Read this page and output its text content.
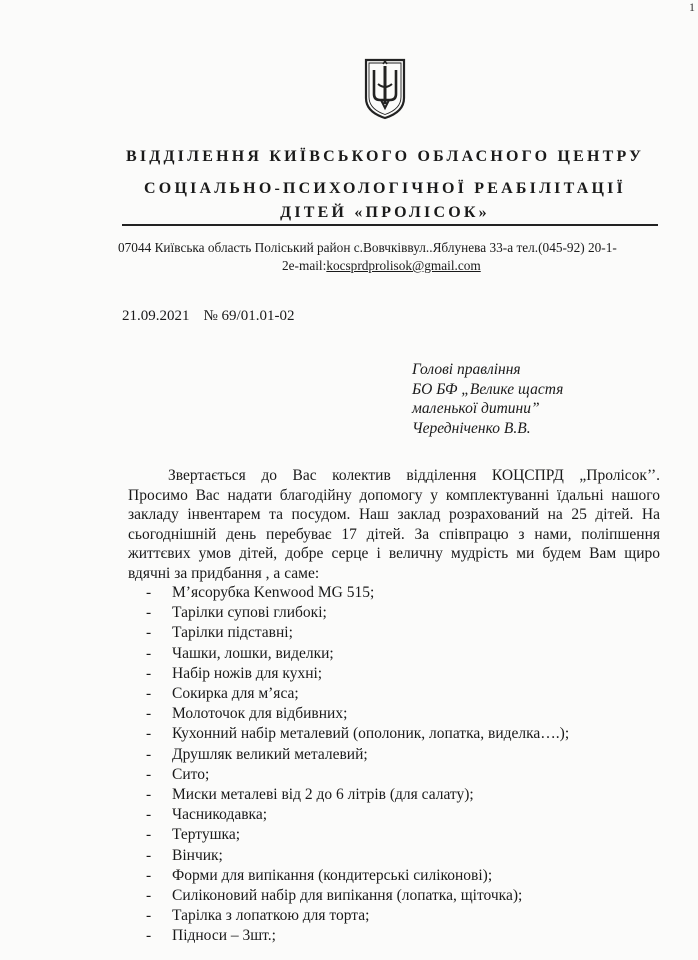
1
ВІДДІЛЕННЯ КИЇВСЬКОГО ОБЛАСНОГО ЦЕНТРУ
СОЦІАЛЬНО-ПСИХОЛОГІЧНОЇ РЕАБІЛІТАЦІЇ
ДІТЕЙ «ПРОЛІСОК»
07044 Київська область Поліський район с.Вовчківвул..Яблунева 33-а тел.(045-92) 20-1-
2e-mail:kocsprdprolisok@gmail.com
21.09.2021 № 69/01.01-02
Голові правління
БО БФ „Велике щастя
маленької дитини”
Чередніченко В.В.
Звертається до Вас колектив відділення КОЦСПРД „Пролісок’’.
Просимо Вас надати благодійну допомогу у комплектуванні їдальні нашого
закладу інвентарем та посудом. Наш заклад розрахований на 25 дітей. На
сьогоднішній день перебуває 17 дітей. За співпрацю з нами, поліпшення
життєвих умов дітей, добре серце і величну мудрість ми будем Вам щиро
вдячні за придбання , а саме:
- М’ясорубка Kenwood MG 515;
- Тарілки супові глибокі;
- Тарілки підставні;
- Чашки, лошки, виделки;
- Набір ножів для кухні;
- Сокирка для м’яса;
- Молоточок для відбивних;
- Кухонний набір металевий (ополоник, лопатка, виделка….);
- Друшляк великий металевий;
- Сито;
- Миски металеві від 2 до 6 літрів (для салату);
- Часникодавка;
- Тертушка;
- Вінчик;
- Форми для випікання (кондитерські силіконові);
- Силіконовий набір для випікання (лопатка, щіточка);
- Тарілка з лопаткою для торта;
- Підноси – 3шт.;
